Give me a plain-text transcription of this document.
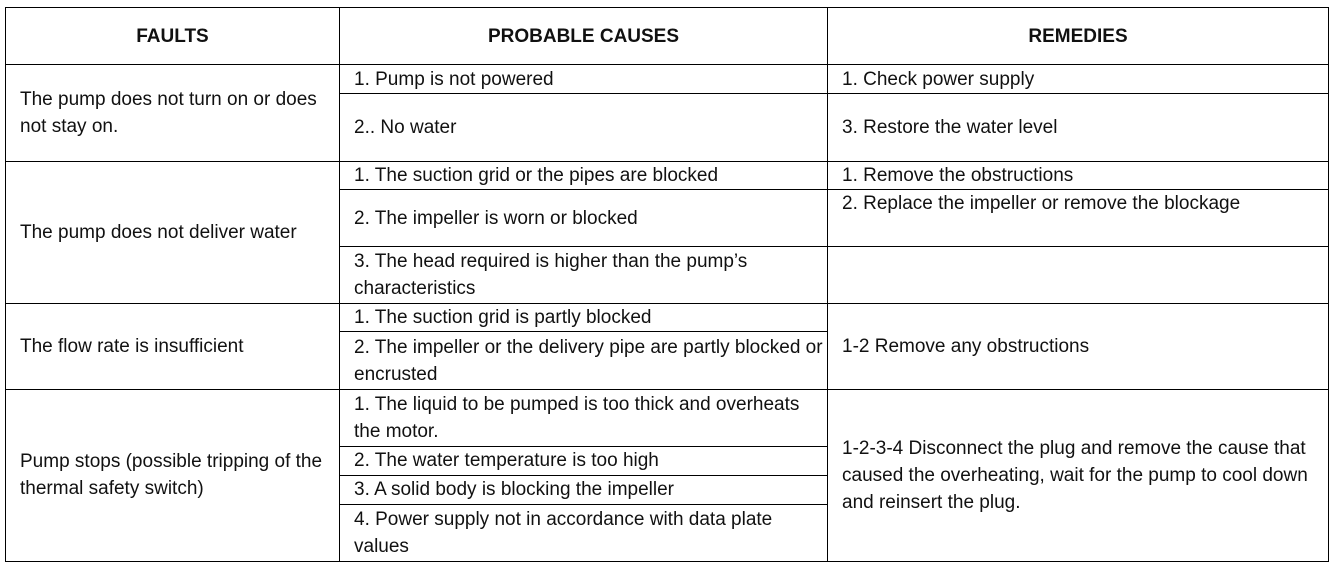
FAULTS	PROBABLE CAUSES	REMEDIES
The pump does not turn on or does not stay on.	1. Pump is not powered	1. Check power supply
	2.. No water	3. Restore the water level
The pump does not deliver water	1. The suction grid or the pipes are blocked	1. Remove the obstructions
	2. The impeller is worn or blocked	2. Replace the impeller or remove the blockage
	3. The head required is higher than the pump’s characteristics	
The flow rate is insufficient	1. The suction grid is partly blocked	1-2 Remove any obstructions
	2. The impeller or the delivery pipe are partly blocked or encrusted	
Pump stops (possible tripping of the thermal safety switch)	1. The liquid to be pumped is too thick and overheats the motor.	1-2-3-4 Disconnect the plug and remove the cause that caused the overheating, wait for the pump to cool down and reinsert the plug.
	2. The water temperature is too high	
	3. A solid body is blocking the impeller	
	4. Power supply not in accordance with data plate values	
